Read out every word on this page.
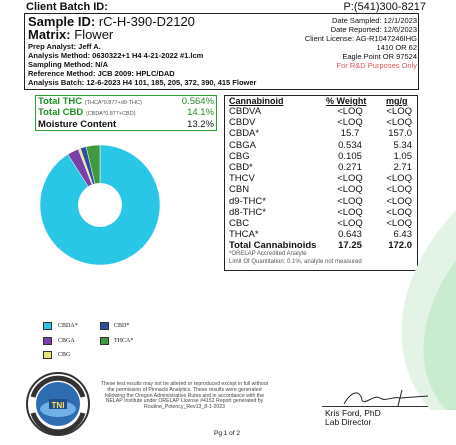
Client Batch ID:	P:(541)300-8217
Sample ID: rC-H-390-D2120
Matrix: Flower
Prep Analyst: Jeff A.
Analysis Method: 0630322+1 H4 4-21-2022 #1.lcm
Sampling Method: N/A
Reference Method: JCB 2009: HPLC/DAD
Analysis Batch: 12-6-2023 H4 101, 185, 205, 372, 390, 415 Flower
Date Sampled: 12/1/2023
Date Reported: 12/6/2023
Client License: AG-R1047246IHG
1410 OR 62
Eagle Point OR 97524
For R&D Purposes Only
Total THC (THCA*0.877+d9-THC)	0.564%
Total CBD (CBDA*0.877+CBD)	14.1%
Moisture Content	13.2%
Cannabinoid	% Weight mg/g
CBDVA	<LOQ	<LOQ
CBDV	<LOQ	<LOQ
CBDA*	15.7	157.0
CBGA	0.534	5.34
CBG	0.105	1.05
CBD*	0.271	2.71
THCV	<LOQ	<LOQ
CBN	<LOQ	<LOQ
d9-THC*	<LOQ	<LOQ
d8-THC*	<LOQ	<LOQ
CBC	<LOQ	<LOQ
THCA*	0.643	6.43
Total Cannabinoids	17.25	172.0
*ORELAP Accredited Analyte
Limit Of Quantitation: 0.1%, analyte not measured
CBDA*	CBD*
CBGA	THCA*
CBG
TNI
These test results may not be altered or reproduced except in full without the permission of Pinnacle Analytics. These results were generated following the Oregon Administrative Rules and in accordance with the NELAP Institute under ORELAP License #4152 Report generated by Routine_Potency_Rev13_8-1-2023
Kris Ford, PhD
Lab Director
Pg 1 of 2
